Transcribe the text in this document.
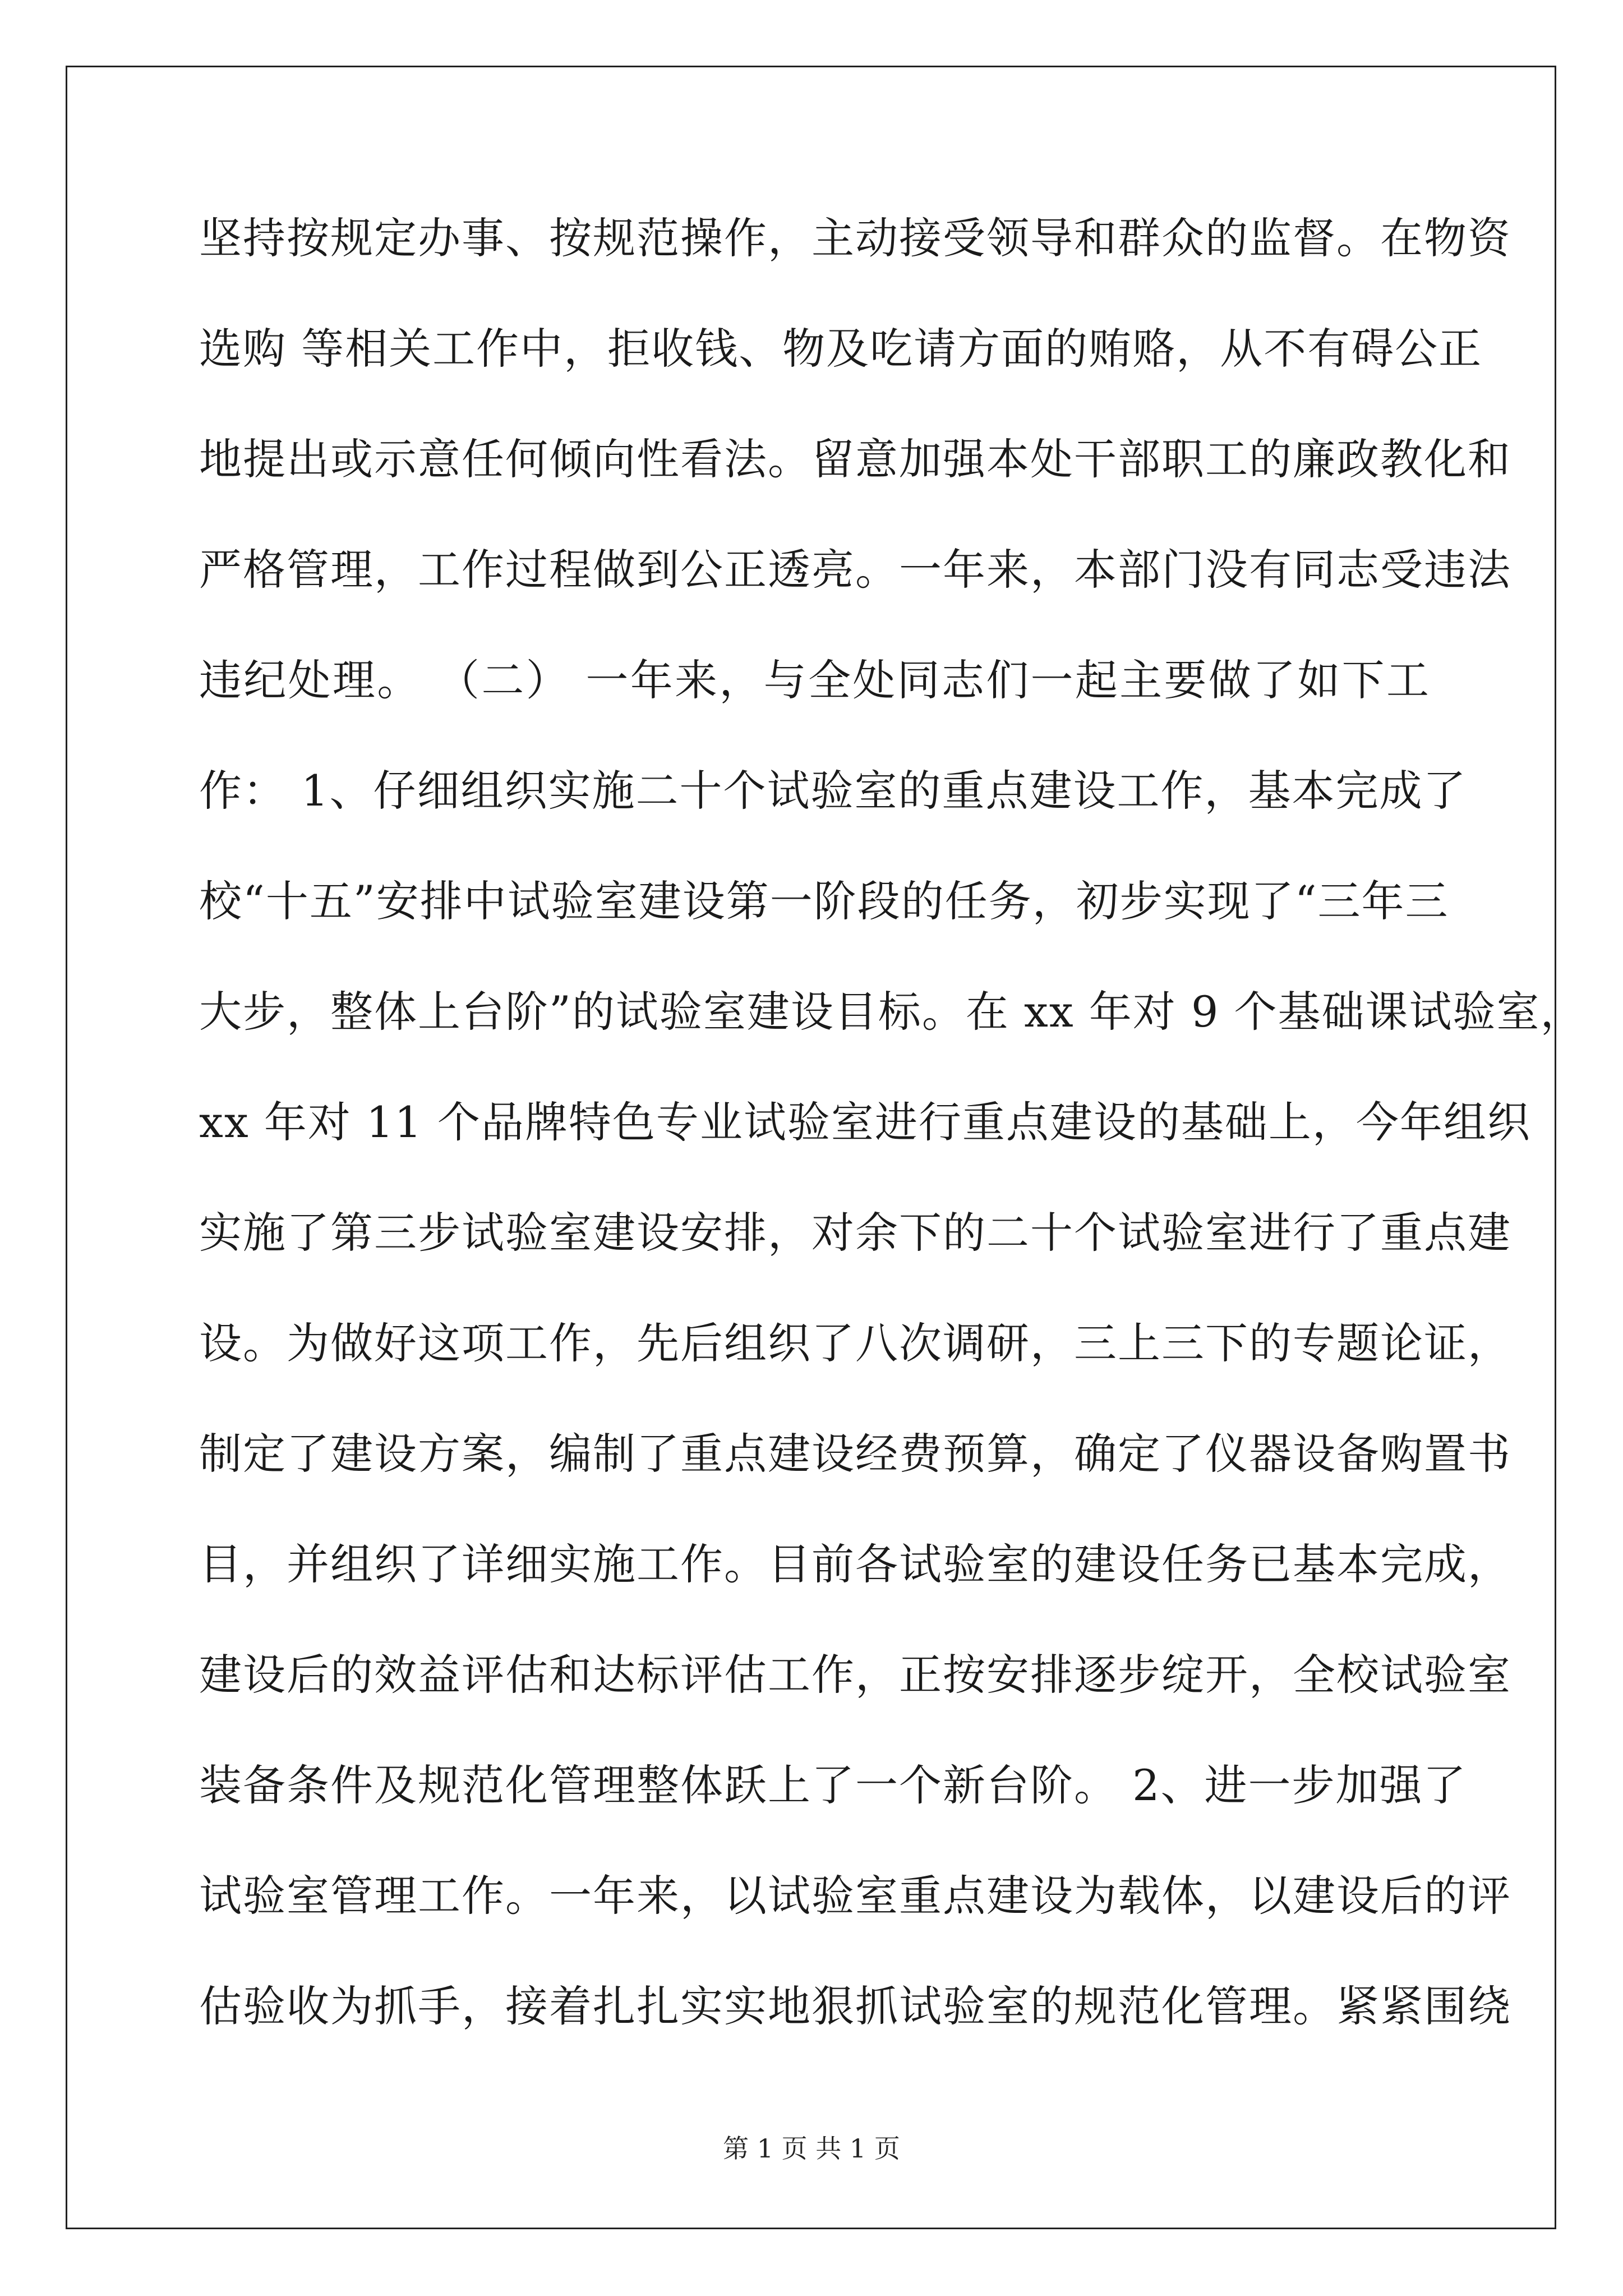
坚持按规定办事、按规范操作，主动接受领导和群众的监督。在物资
选购 等相关工作中，拒收钱、物及吃请方面的贿赂，从不有碍公正
地提出或示意任何倾向性看法。留意加强本处干部职工的廉政教化和
严格管理，工作过程做到公正透亮。一年来，本部门没有同志受违法
违纪处理。 （二） 一年来，与全处同志们一起主要做了如下工
作： 1、仔细组织实施二十个试验室的重点建设工作，基本完成了
校“十五”安排中试验室建设第一阶段的任务，初步实现了“三年三
大步，整体上台阶”的试验室建设目标。在 xx 年对 9 个基础课试验室，
xx 年对 11 个品牌特色专业试验室进行重点建设的基础上，今年组织
实施了第三步试验室建设安排，对余下的二十个试验室进行了重点建
设。为做好这项工作，先后组织了八次调研，三上三下的专题论证，
制定了建设方案，编制了重点建设经费预算，确定了仪器设备购置书
目，并组织了详细实施工作。目前各试验室的建设任务已基本完成，
建设后的效益评估和达标评估工作，正按安排逐步绽开，全校试验室
装备条件及规范化管理整体跃上了一个新台阶。 2、进一步加强了
试验室管理工作。一年来，以试验室重点建设为载体，以建设后的评
估验收为抓手，接着扎扎实实地狠抓试验室的规范化管理。紧紧围绕
第 1 页 共 1 页
